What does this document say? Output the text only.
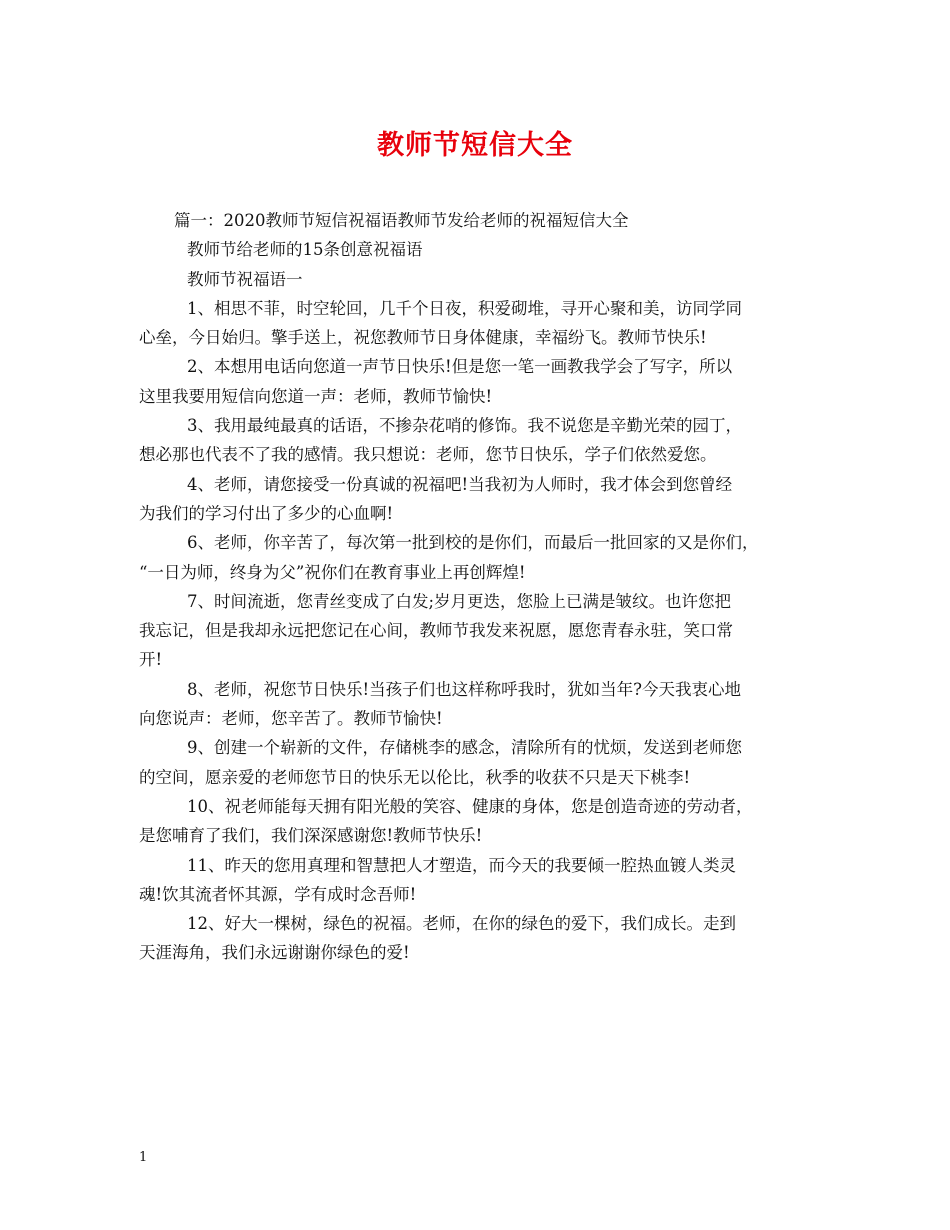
教师节短信大全
篇一：2020教师节短信祝福语教师节发给老师的祝福短信大全
教师节给老师的15条创意祝福语
教师节祝福语一
1、相思不菲，时空轮回，几千个日夜，积爱砌堆，寻开心聚和美，访同学同
心垒，今日始归。擎手送上，祝您教师节日身体健康，幸福纷飞。教师节快乐!
2、本想用电话向您道一声节日快乐!但是您一笔一画教我学会了写字，所以
这里我要用短信向您道一声：老师，教师节愉快!
3、我用最纯最真的话语，不掺杂花哨的修饰。我不说您是辛勤光荣的园丁，
想必那也代表不了我的感情。我只想说：老师，您节日快乐，学子们依然爱您。
4、老师，请您接受一份真诚的祝福吧!当我初为人师时，我才体会到您曾经
为我们的学习付出了多少的心血啊!
6、老师，你辛苦了，每次第一批到校的是你们，而最后一批回家的又是你们，
“一日为师，终身为父”祝你们在教育事业上再创辉煌!
7、时间流逝，您青丝变成了白发;岁月更迭，您脸上已满是皱纹。也许您把
我忘记，但是我却永远把您记在心间，教师节我发来祝愿，愿您青春永驻，笑口常
开!
8、老师，祝您节日快乐!当孩子们也这样称呼我时，犹如当年?今天我衷心地
向您说声：老师，您辛苦了。教师节愉快!
9、创建一个崭新的文件，存储桃李的感念，清除所有的忧烦，发送到老师您
的空间，愿亲爱的老师您节日的快乐无以伦比，秋季的收获不只是天下桃李!
10、祝老师能每天拥有阳光般的笑容、健康的身体，您是创造奇迹的劳动者，
是您哺育了我们，我们深深感谢您!教师节快乐!
11、昨天的您用真理和智慧把人才塑造，而今天的我要倾一腔热血镀人类灵
魂!饮其流者怀其源，学有成时念吾师!
12、好大一棵树，绿色的祝福。老师，在你的绿色的爱下，我们成长。走到
天涯海角，我们永远谢谢你绿色的爱!
1
